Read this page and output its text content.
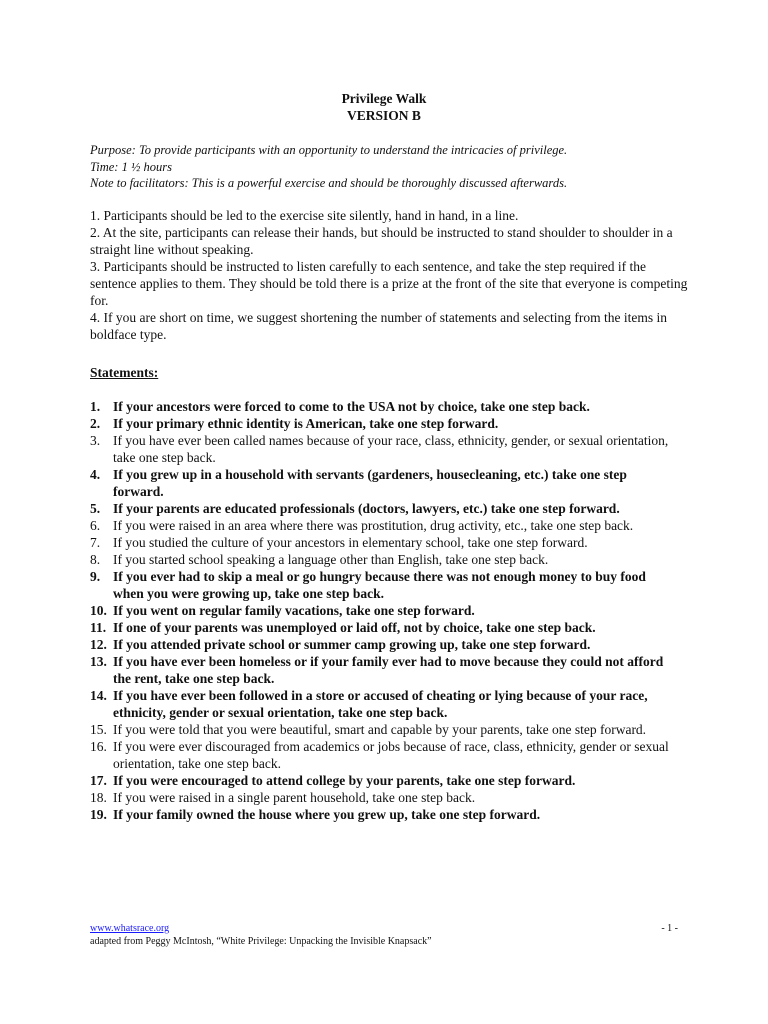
Privilege Walk
VERSION B
Purpose: To provide participants with an opportunity to understand the intricacies of privilege.
Time: 1 ½ hours
Note to facilitators: This is a powerful exercise and should be thoroughly discussed afterwards.

1. Participants should be led to the exercise site silently, hand in hand, in a line.

2. At the site, participants can release their hands, but should be instructed to stand shoulder to shoulder in a straight line without speaking.

3. Participants should be instructed to listen carefully to each sentence, and take the step required if the sentence applies to them. They should be told there is a prize at the front of the site that everyone is competing for.

4. If you are short on time, we suggest shortening the number of statements and selecting from the items in boldface type.

Statements:
1. If your ancestors were forced to come to the USA not by choice, take one step back.
2. If your primary ethnic identity is American, take one step forward.
3. If you have ever been called names because of your race, class, ethnicity, gender, or sexual orientation, take one step back.
4. If you grew up in a household with servants (gardeners, housecleaning, etc.) take one step forward.
5. If your parents are educated professionals (doctors, lawyers, etc.) take one step forward.
6. If you were raised in an area where there was prostitution, drug activity, etc., take one step back.
7. If you studied the culture of your ancestors in elementary school, take one step forward.
8. If you started school speaking a language other than English, take one step back.
9. If you ever had to skip a meal or go hungry because there was not enough money to buy food when you were growing up, take one step back.
10. If you went on regular family vacations, take one step forward.
11. If one of your parents was unemployed or laid off, not by choice, take one step back.
12. If you attended private school or summer camp growing up, take one step forward.
13. If you have ever been homeless or if your family ever had to move because they could not afford the rent, take one step back.
14. If you have ever been followed in a store or accused of cheating or lying because of your race, ethnicity, gender or sexual orientation, take one step back.
15. If you were told that you were beautiful, smart and capable by your parents, take one step forward.
16. If you were ever discouraged from academics or jobs because of race, class, ethnicity, gender or sexual orientation, take one step back.
17. If you were encouraged to attend college by your parents, take one step forward.
18. If you were raised in a single parent household, take one step back.
19. If your family owned the house where you grew up, take one step forward.
www.whatsrace.org
adapted from Peggy McIntosh, “White Privilege: Unpacking the Invisible Knapsack”
- 1 -
